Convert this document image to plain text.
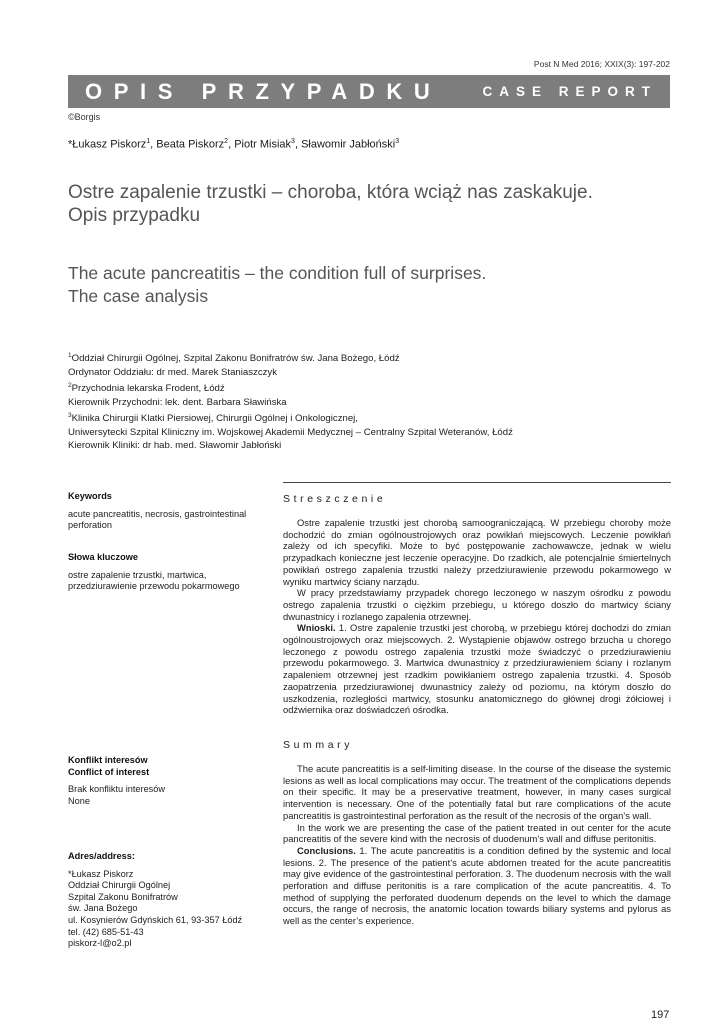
Post N Med 2016; XXIX(3): 197-202
OPIS PRZYPADKU	CASE REPORT
©Borgis
*Łukasz Piskorz$^1$, Beata Piskorz$^2$, Piotr Misiak$^3$, Sławomir Jabłoński$^3$
Ostre zapalenie trzustki – choroba, która wciąż nas zaskakuje.
Opis przypadku
The acute pancreatitis – the condition full of surprises.
The case analysis
$^1$Oddział Chirurgii Ogólnej, Szpital Zakonu Bonifratrów św. Jana Bożego, Łódź
Ordynator Oddziału: dr med. Marek Staniaszczyk
$^2$Przychodnia lekarska Frodent, Łódź
Kierownik Przychodni: lek. dent. Barbara Sławińska
$^3$Klinika Chirurgii Klatki Piersiowej, Chirurgii Ogólnej i Onkologicznej,
Uniwersytecki Szpital Kliniczny im. Wojskowej Akademii Medycznej – Centralny Szpital Weteranów, Łódź
Kierownik Kliniki: dr hab. med. Sławomir Jabłoński
Keywords
acute pancreatitis, necrosis, gastrointestinal perforation
Słowa kluczowe
ostre zapalenie trzustki, martwica, przedziurawienie przewodu pokarmowego
Konflikt interesów
Conflict of interest
Brak konfliktu interesów
None
Adres/address:
*Łukasz Piskorz
Oddział Chirurgii Ogólnej
Szpital Zakonu Bonifratrów
św. Jana Bożego
ul. Kosynierów Gdyńskich 61, 93-357 Łódź
tel. (42) 685-51-43
piskorz-l@o2.pl
Streszczenie

Ostre zapalenie trzustki jest chorobą samoograniczającą. W przebiegu choroby może dochodzić do zmian ogólnoustrojowych oraz powikłań miejscowych. Leczenie powikłań zależy od ich specyfiki. Może to być postępowanie zachowawcze, jednak w wielu przypadkach konieczne jest leczenie operacyjne. Do rzadkich, ale potencjalnie śmiertelnych powikłań ostrego zapalenia trzustki należy przedziurawienie przewodu pokarmowego w wyniku martwicy ściany narządu.

W pracy przedstawiamy przypadek chorego leczonego w naszym ośrodku z powodu ostrego zapalenia trzustki o ciężkim przebiegu, u którego doszło do martwicy ściany dwunastnicy i rozlanego zapalenia otrzewnej.

Wnioski. 1. Ostre zapalenie trzustki jest chorobą, w przebiegu której dochodzi do zmian ogólnoustrojowych oraz miejscowych. 2. Wystąpienie objawów ostrego brzucha u chorego leczonego z powodu ostrego zapalenia trzustki może świadczyć o przedziurawieniu przewodu pokarmowego. 3. Martwica dwunastnicy z przedziurawieniem ściany i rozlanym zapaleniem otrzewnej jest rzadkim powikłaniem ostrego zapalenia trzustki. 4. Sposób zaopatrzenia przedziurawionej dwunastnicy zależy od poziomu, na którym doszło do uszkodzenia, rozległości martwicy, stosunku anatomicznego do głównej drogi żółciowej i odźwiernika oraz doświadczeń ośrodka.

Summary

The acute pancreatitis is a self-limiting disease. In the course of the disease the systemic lesions as well as local complications may occur. The treatment of the complications depends on their specific. It may be a preservative treatment, however, in many cases surgical intervention is necessary. One of the potentially fatal but rare complications of the acute pancreatitis is gastrointestinal perforation as the result of the necrosis of the organ’s wall.

In the work we are presenting the case of the patient treated in out center for the acute pancreatitis of the severe kind with the necrosis of duodenum’s wall and diffuse peritonitis.

Conclusions. 1. The acute pancreatitis is a condition defined by the systemic and local lesions. 2. The presence of the patient’s acute abdomen treated for the acute pancreatitis may give evidence of the gastrointestinal perforation. 3. The duodenum necrosis with the wall perforation and diffuse peritonitis is a rare complication of the acute pancreatitis. 4. To method of supplying the perforated duodenum depends on the level to which the damage occurs, the range of necrosis, the anatomic location towards biliary systems and pylorus as well as the center’s experience.

197
